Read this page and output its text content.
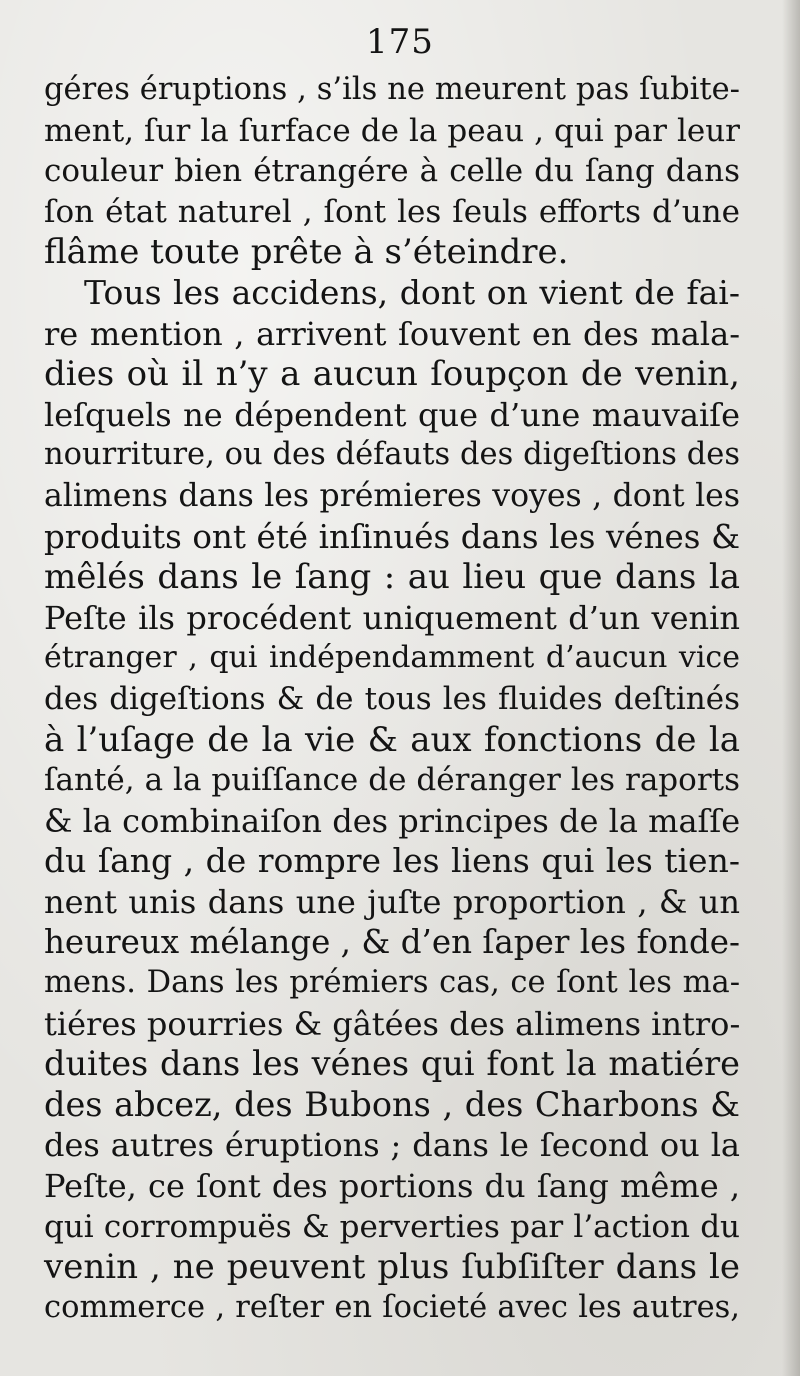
175
géres éruptions , s’ils ne meurent pas ſubite-
ment, ſur la ſurface de la peau , qui par leur
couleur bien étrangére à celle du ſang dans
ſon état naturel , ſont les ſeuls efforts d’une
flâme toute prête à s’éteindre.
Tous les accidens, dont on vient de fai-
re mention , arrivent ſouvent en des mala-
dies où il n’y a aucun ſoupçon de venin,
leſquels ne dépendent que d’une mauvaiſe
nourriture, ou des défauts des digeſtions des
alimens dans les prémieres voyes , dont les
produits ont été inſinués dans les vénes &
mêlés dans le ſang : au lieu que dans la
Peſte ils procédent uniquement d’un venin
étranger , qui indépendamment d’aucun vice
des digeſtions & de tous les fluides deſtinés
à l’uſage de la vie & aux fonctions de la
ſanté, a la puiſſance de déranger les raports
& la combinaiſon des principes de la maſſe
du ſang , de rompre les liens qui les tien-
nent unis dans une juſte proportion , & un
heureux mélange , & d’en ſaper les fonde-
mens. Dans les prémiers cas, ce ſont les ma-
tiéres pourries & gâtées des alimens intro-
duites dans les vénes qui font la matiére
des abcez, des Bubons , des Charbons &
des autres éruptions ; dans le ſecond ou la
Peſte, ce ſont des portions du ſang même ,
qui corrompuës & perverties par l’action du
venin , ne peuvent plus ſubſiſter dans le
commerce , reſter en ſocieté avec les autres,
